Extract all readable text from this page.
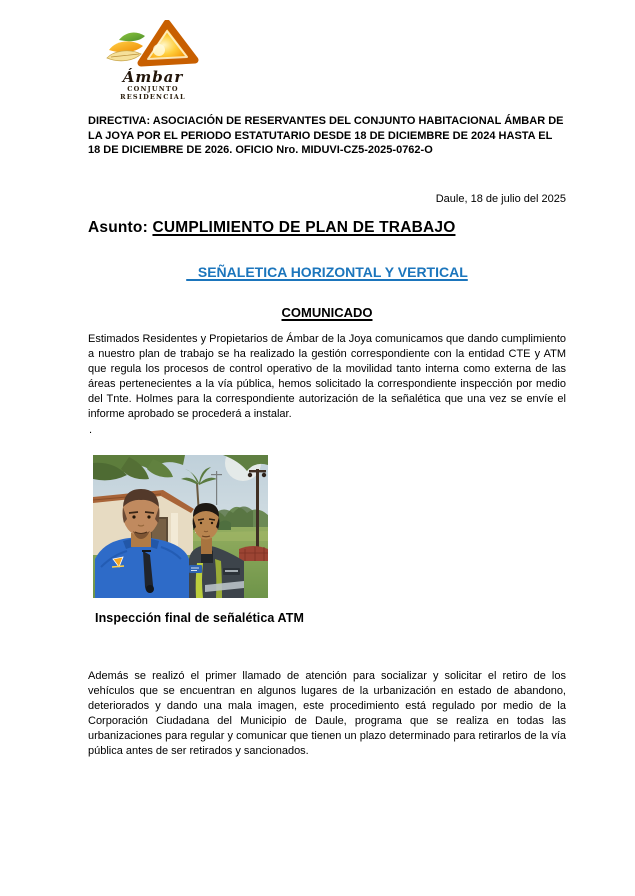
Ámbar
CONJUNTO RESIDENCIAL

DIRECTIVA: ASOCIACIÓN DE RESERVANTES DEL CONJUNTO HABITACIONAL ÁMBAR DE LA JOYA POR EL PERIODO ESTATUTARIO DESDE 18 DE DICIEMBRE DE 2024 HASTA EL 18 DE DICIEMBRE DE 2026. OFICIO Nro. MIDUVI-CZ5-2025-0762-O

Daule, 18 de julio del 2025

Asunto: CUMPLIMIENTO DE PLAN DE TRABAJO
SEÑALETICA HORIZONTAL Y VERTICAL
COMUNICADO

Estimados Residentes y Propietarios de Ámbar de la Joya comunicamos que dando cumplimiento a nuestro plan de trabajo se ha realizado la gestión correspondiente con la entidad CTE y ATM que regula los procesos de control operativo de la movilidad tanto interna como externa de las áreas pertenecientes a la vía pública, hemos solicitado la correspondiente inspección por medio del Tnte. Holmes para la correspondiente autorización de la señalética que una vez se envíe el informe aprobado se procederá a instalar.

.

Inspección final de señalética ATM

Además se realizó el primer llamado de atención para socializar y solicitar el retiro de los vehículos que se encuentran en algunos lugares de la urbanización en estado de abandono, deteriorados y dando una mala imagen, este procedimiento está regulado por medio de la Corporación Ciudadana del Municipio de Daule, programa que se realiza en todas las urbanizaciones para regular y comunicar que tienen un plazo determinado para retirarlos de la vía pública antes de ser retirados y sancionados.
